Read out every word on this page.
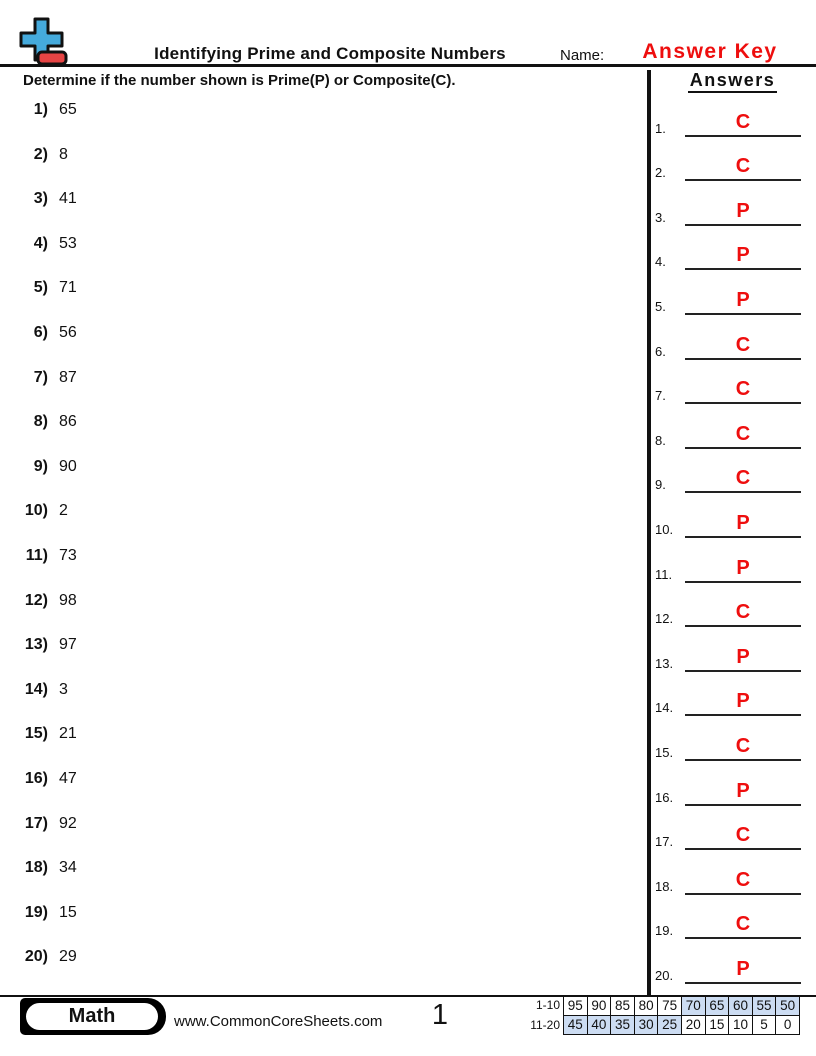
Identifying Prime and Composite Numbers	Name:	Answer Key
Determine if the number shown is Prime(P) or Composite(C).
1) 65
2) 8
3) 41
4) 53
5) 71
6) 56
7) 87
8) 86
9) 90
10) 2
11) 73
12) 98
13) 97
14) 3
15) 21
16) 47
17) 92
18) 34
19) 15
20) 29
Answers
1.	C
2.	C
3.	P
4.	P
5.	P
6.	C
7.	C
8.	C
9.	C
10.	P
11.	P
12.	C
13.	P
14.	P
15.	C
16.	P
17.	C
18.	C
19.	C
20.	P
Math	www.CommonCoreSheets.com	1	1-10 95 90 85 80 75 70 65 60 55 50
11-20 45 40 35 30 25 20 15 10 5	0
